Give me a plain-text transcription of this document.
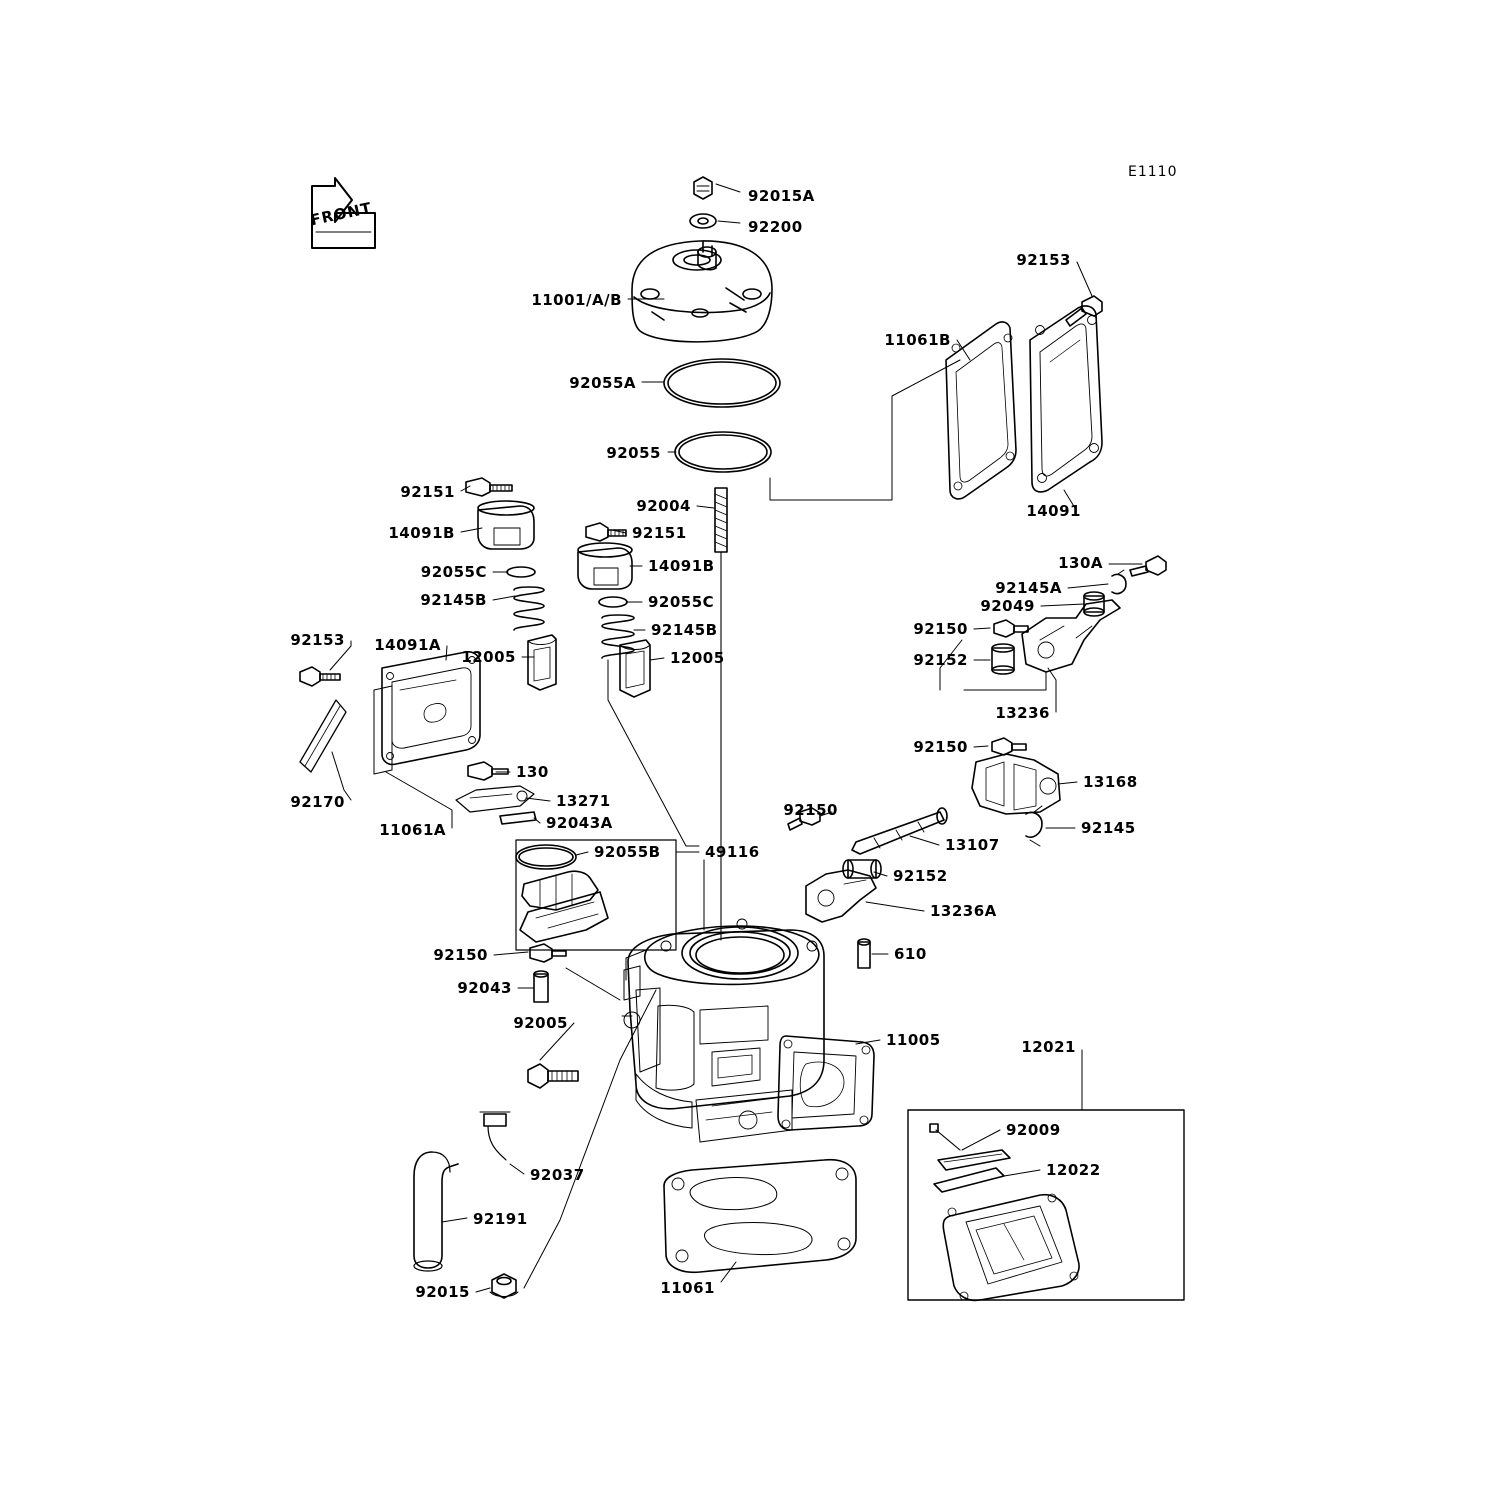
E1110
FRONT
92015A
92200
11001/A/B
92055A
92055
92004
92151
14091B
92055C
92145B
12005
14091A
92153
92170
11061A
92151
14091B
92055C
92145B
12005
130
13271
92043A
92055B	49116
92150
92150
92043
92005
92037
92191
92015	11061
11005
610
11061B
92153
14091
130A
92145A
92049
92150
92152
13236
92150
13168
92145
13107
92152
13236A
12021
92009
12022
